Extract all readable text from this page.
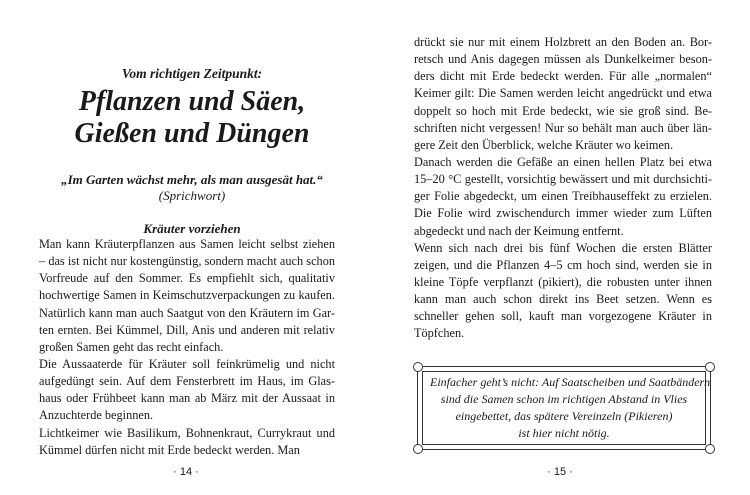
Vom richtigen Zeitpunkt:
Pflanzen und Säen,
Gießen und Düngen
„Im Garten wächst mehr, als man ausgesät hat.“
(Sprichwort)
Kräuter vorziehen
Man kann Kräuterpflanzen aus Samen leicht selbst ziehen
– das ist nicht nur kostengünstig, sondern macht auch schon
Vorfreude auf den Sommer. Es empfiehlt sich, qualitativ
hochwertige Samen in Keimschutzverpackungen zu kaufen.
Natürlich kann man auch Saatgut von den Kräutern im Gar-
ten ernten. Bei Kümmel, Dill, Anis und anderen mit relativ
großen Samen geht das recht einfach.
Die Aussaaterde für Kräuter soll feinkrümelig und nicht
aufgedüngt sein. Auf dem Fensterbrett im Haus, im Glas-
haus oder Frühbeet kann man ab März mit der Aussaat in
Anzuchterde beginnen.
Lichtkeimer wie Basilikum, Bohnenkraut, Currykraut und
Kümmel dürfen nicht mit Erde bedeckt werden. Man
· 14 ·
drückt sie nur mit einem Holzbrett an den Boden an. Bor-
retsch und Anis dagegen müssen als Dunkelkeimer beson-
ders dicht mit Erde bedeckt werden. Für alle „normalen“
Keimer gilt: Die Samen werden leicht angedrückt und etwa
doppelt so hoch mit Erde bedeckt, wie sie groß sind. Be-
schriften nicht vergessen! Nur so behält man auch über län-
gere Zeit den Überblick, welche Kräuter wo keimen.
Danach werden die Gefäße an einen hellen Platz bei etwa
15–20 °C gestellt, vorsichtig bewässert und mit durchsichti-
ger Folie abgedeckt, um einen Treibhauseffekt zu erzielen.
Die Folie wird zwischendurch immer wieder zum Lüften
abgedeckt und nach der Keimung entfernt.
Wenn sich nach drei bis fünf Wochen die ersten Blätter
zeigen, und die Pflanzen 4–5 cm hoch sind, werden sie in
kleine Töpfe verpflanzt (pikiert), die robusten unter ihnen
kann man auch schon direkt ins Beet setzen. Wenn es
schneller gehen soll, kauft man vorgezogene Kräuter in
Töpfchen.
Einfacher geht’s nicht: Auf Saatscheiben und Saatbändern
sind die Samen schon im richtigen Abstand in Vlies
eingebettet, das spätere Vereinzeln (Pikieren)
ist hier nicht nötig.
· 15 ·
